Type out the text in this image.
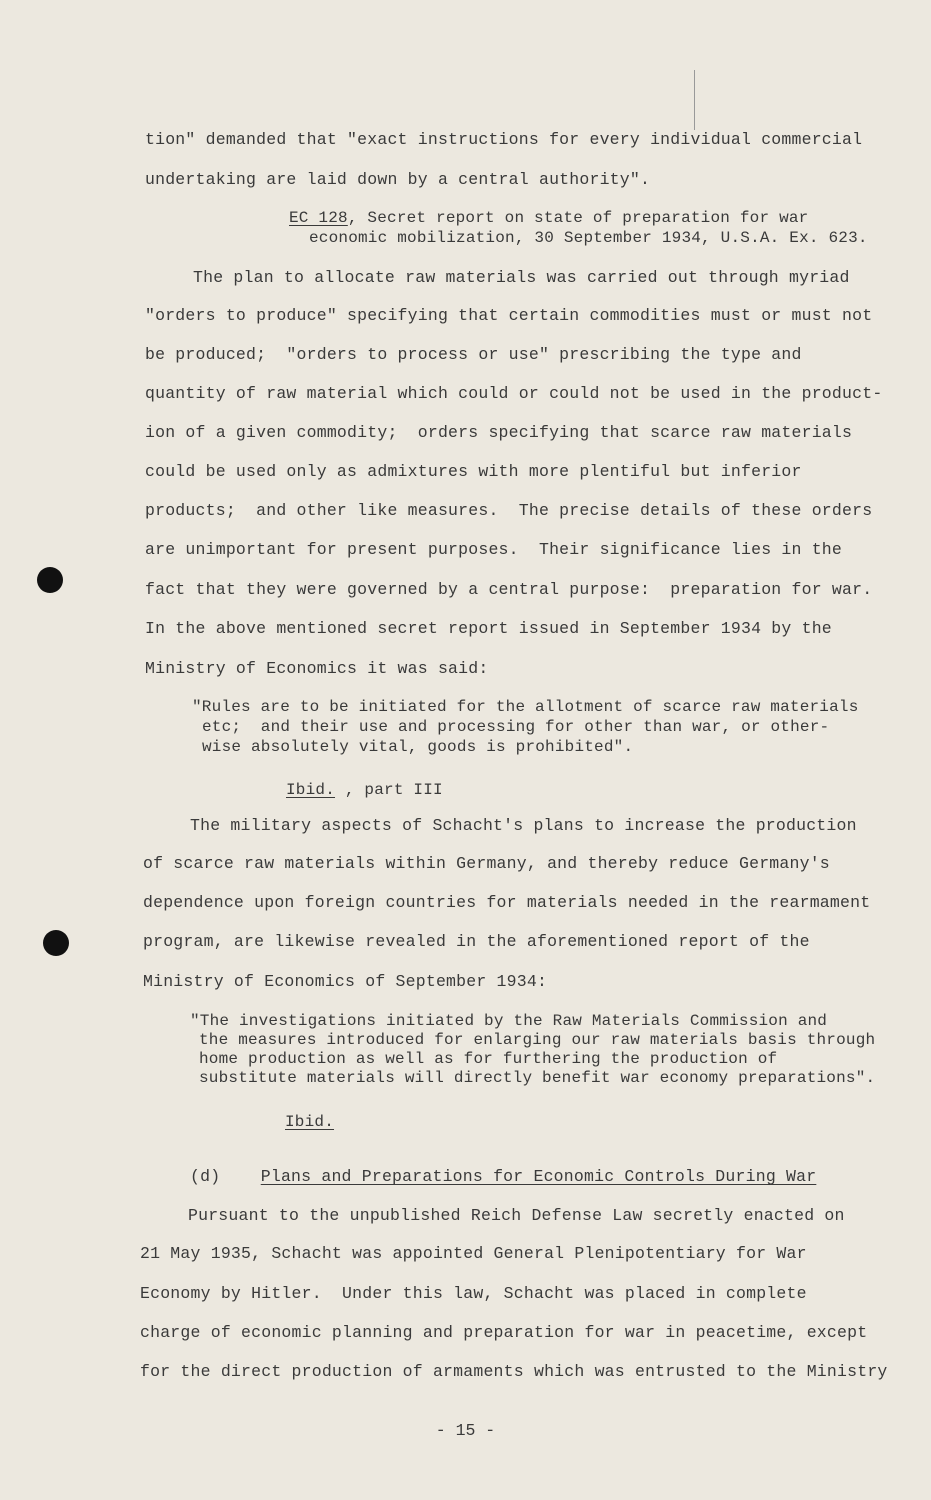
tion" demanded that "exact instructions for every individual commercial
undertaking are laid down by a central authority".
EC 128, Secret report on state of preparation for war
economic mobilization, 30 September 1934, U.S.A. Ex. 623.
The plan to allocate raw materials was carried out through myriad
"orders to produce" specifying that certain commodities must or must not
be produced;  "orders to process or use" prescribing the type and
quantity of raw material which could or could not be used in the product-
ion of a given commodity;  orders specifying that scarce raw materials
could be used only as admixtures with more plentiful but inferior
products;  and other like measures.  The precise details of these orders
are unimportant for present purposes.  Their significance lies in the
fact that they were governed by a central purpose:  preparation for war.
In the above mentioned secret report issued in September 1934 by the
Ministry of Economics it was said:
"Rules are to be initiated for the allotment of scarce raw materials
etc;  and their use and processing for other than war, or other-
wise absolutely vital, goods is prohibited".
Ibid. , part III
The military aspects of Schacht's plans to increase the production
of scarce raw materials within Germany, and thereby reduce Germany's
dependence upon foreign countries for materials needed in the rearmament
program, are likewise revealed in the aforementioned report of the
Ministry of Economics of September 1934:
"The investigations initiated by the Raw Materials Commission and
the measures introduced for enlarging our raw materials basis through
home production as well as for furthering the production of
substitute materials will directly benefit war economy preparations".
Ibid.
(d) Plans and Preparations for Economic Controls During War
Pursuant to the unpublished Reich Defense Law secretly enacted on
21 May 1935, Schacht was appointed General Plenipotentiary for War
Economy by Hitler.  Under this law, Schacht was placed in complete
charge of economic planning and preparation for war in peacetime, except
for the direct production of armaments which was entrusted to the Ministry
- 15 -
